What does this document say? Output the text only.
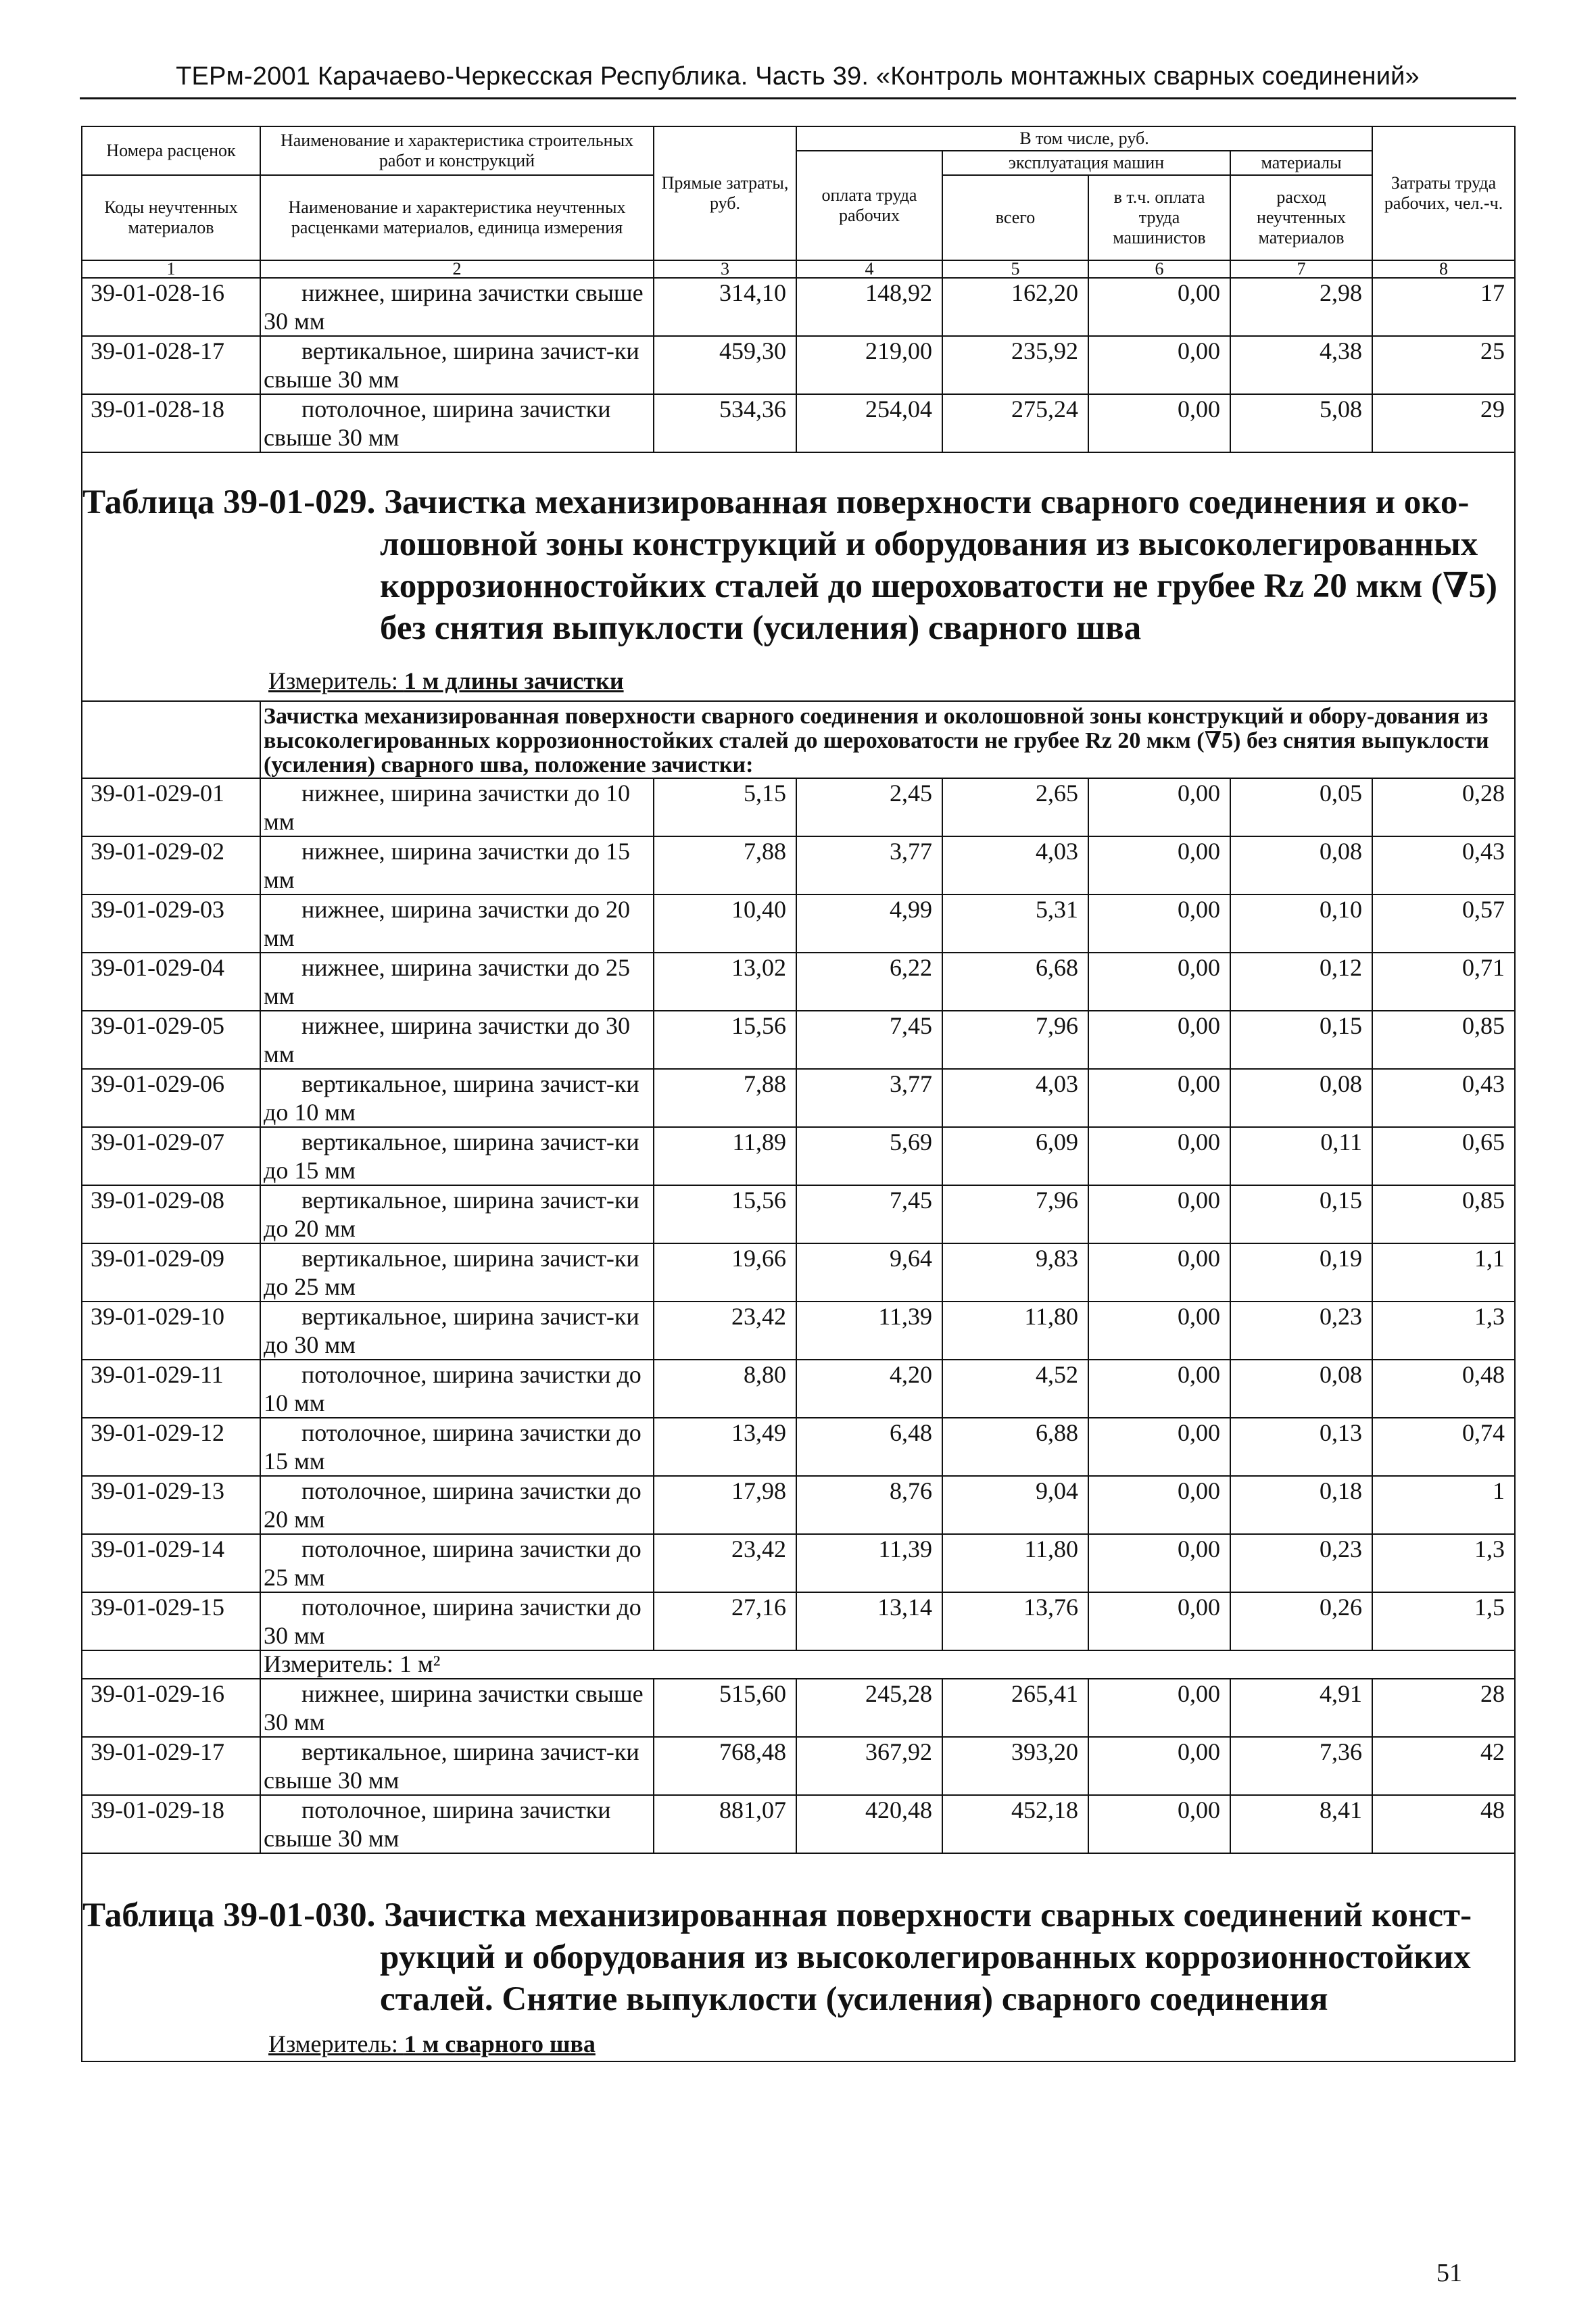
ТЕРм-2001 Карачаево-Черкесская Республика. Часть 39. «Контроль монтажных сварных соединений»
Номера расценок	Наименование и характеристика строительных работ и конструкций	Прямые затраты, руб.	В том числе, руб.				Затраты труда рабочих, чел.-ч.
			оплата труда рабочих	эксплуатация машин		материалы	
Коды неучтенных материалов	Наименование и характеристика неучтенных расценками материалов, единица измерения			всего	в т.ч. оплата труда машинистов	расход неучтенных материалов	

1	2	3	4	5	6	7	8
39-01-028-16	нижнее, ширина зачистки свыше 30 мм	314,10	148,92	162,20	0,00	2,98	17
39-01-028-17	вертикальное, ширина зачист-ки свыше 30 мм	459,30	219,00	235,92	0,00	4,38	25
39-01-028-18	потолочное, ширина зачистки свыше 30 мм	534,36	254,04	275,24	0,00	5,08	29

Таблица 39-01-029. Зачистка механизированная поверхности сварного соединения и око-
лошовной зоны конструкций и оборудования из высоколегированных коррозионностойких сталей до шероховатости не грубее Rz 20 мкм (∇5) без снятия выпуклости (усиления) сварного шва
Измеритель: 1 м длины зачистки							

	Зачистка механизированная поверхности сварного соединения и околошовной зоны конструкций и обору-дования из высоколегированных коррозионностойких сталей до шероховатости не грубее Rz 20 мкм (∇5) без снятия выпуклости (усиления) сварного шва, положение зачистки:						
39-01-029-01	нижнее, ширина зачистки до 10 мм	5,15	2,45	2,65	0,00	0,05	0,28
39-01-029-02	нижнее, ширина зачистки до 15 мм	7,88	3,77	4,03	0,00	0,08	0,43
39-01-029-03	нижнее, ширина зачистки до 20 мм	10,40	4,99	5,31	0,00	0,10	0,57
39-01-029-04	нижнее, ширина зачистки до 25 мм	13,02	6,22	6,68	0,00	0,12	0,71
39-01-029-05	нижнее, ширина зачистки до 30 мм	15,56	7,45	7,96	0,00	0,15	0,85
39-01-029-06	вертикальное, ширина зачист-ки до 10 мм	7,88	3,77	4,03	0,00	0,08	0,43
39-01-029-07	вертикальное, ширина зачист-ки до 15 мм	11,89	5,69	6,09	0,00	0,11	0,65
39-01-029-08	вертикальное, ширина зачист-ки до 20 мм	15,56	7,45	7,96	0,00	0,15	0,85
39-01-029-09	вертикальное, ширина зачист-ки до 25 мм	19,66	9,64	9,83	0,00	0,19	1,1
39-01-029-10	вертикальное, ширина зачист-ки до 30 мм	23,42	11,39	11,80	0,00	0,23	1,3
39-01-029-11	потолочное, ширина зачистки до 10 мм	8,80	4,20	4,52	0,00	0,08	0,48
39-01-029-12	потолочное, ширина зачистки до 15 мм	13,49	6,48	6,88	0,00	0,13	0,74
39-01-029-13	потолочное, ширина зачистки до 20 мм	17,98	8,76	9,04	0,00	0,18	1
39-01-029-14	потолочное, ширина зачистки до 25 мм	23,42	11,39	11,80	0,00	0,23	1,3
39-01-029-15	потолочное, ширина зачистки до 30 мм	27,16	13,14	13,76	0,00	0,26	1,5
	Измеритель: 1 м²						
39-01-029-16	нижнее, ширина зачистки свыше 30 мм	515,60	245,28	265,41	0,00	4,91	28
39-01-029-17	вертикальное, ширина зачист-ки свыше 30 мм	768,48	367,92	393,20	0,00	7,36	42
39-01-029-18	потолочное, ширина зачистки свыше 30 мм	881,07	420,48	452,18	0,00	8,41	48

Таблица 39-01-030. Зачистка механизированная поверхности сварных соединений конст-
рукций и оборудования из высоколегированных коррозионностойких сталей. Снятие выпуклости (усиления) сварного соединения
Измеритель: 1 м сварного шва							
51
